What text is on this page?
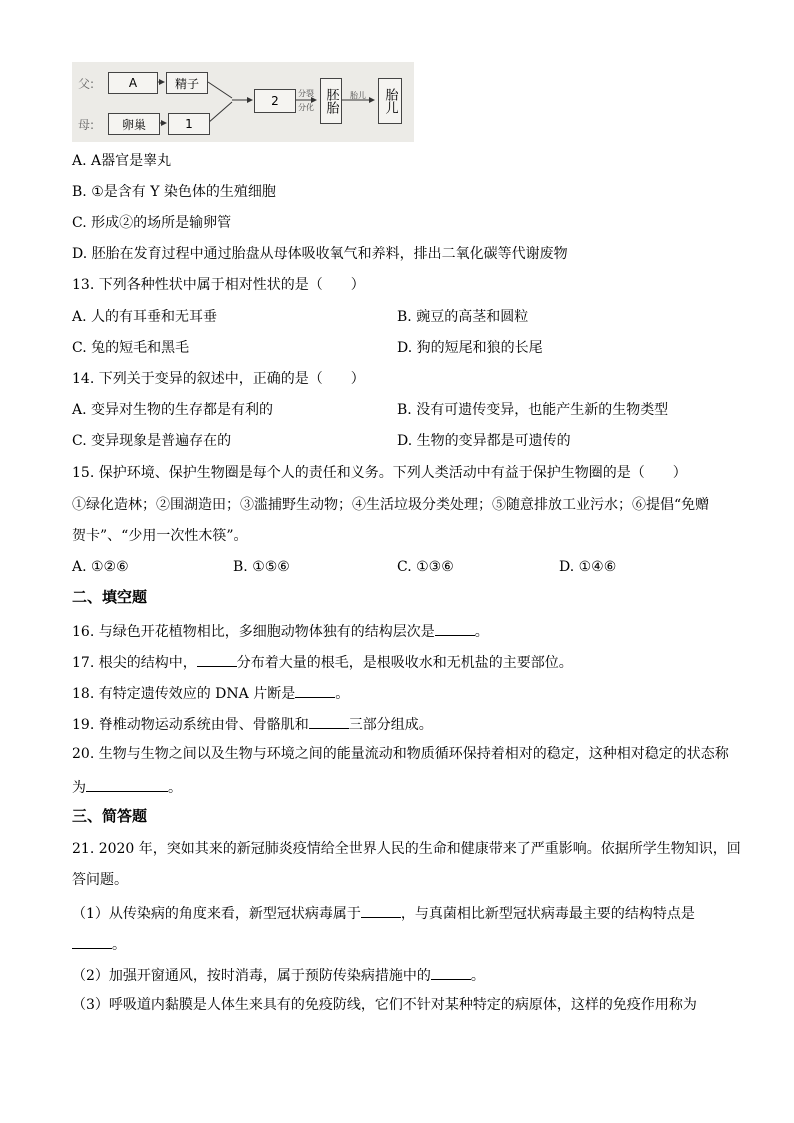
父:
母:
A	精子
卵巢	1
2
分裂
分化 胚胎	胎儿	胎儿
A. A器官是睾丸
B. ①是含有 Y 染色体的生殖细胞
C. 形成②的场所是输卵管
D. 胚胎在发育过程中通过胎盘从母体吸收氧气和养料，排出二氧化碳等代谢废物
13. 下列各种性状中属于相对性状的是（　　）
A. 人的有耳垂和无耳垂	B. 豌豆的高茎和圆粒
C. 兔的短毛和黑毛	D. 狗的短尾和狼的长尾
14. 下列关于变异的叙述中，正确的是（　　）
A. 变异对生物的生存都是有利的	B. 没有可遗传变异，也能产生新的生物类型
C. 变异现象是普遍存在的	D. 生物的变异都是可遗传的
15. 保护环境、保护生物圈是每个人的责任和义务。下列人类活动中有益于保护生物圈的是（　　）
①绿化造林；②围湖造田；③滥捕野生动物；④生活垃圾分类处理；⑤随意排放工业污水；⑥提倡“免赠
贺卡”、“少用一次性木筷”。
A. ①②⑥	B. ①⑤⑥	C. ①③⑥	D. ①④⑥
二、填空题
16. 与绿色开花植物相比，多细胞动物体独有的结构层次是	。
17. 根尖的结构中，	分布着大量的根毛，是根吸收水和无机盐的主要部位。
18. 有特定遗传效应的 DNA 片断是	。
19. 脊椎动物运动系统由骨、骨骼肌和	三部分组成。
20. 生物与生物之间以及生物与环境之间的能量流动和物质循环保持着相对的稳定，这种相对稳定的状态称
为	。
三、简答题
21. 2020 年，突如其来的新冠肺炎疫情给全世界人民的生命和健康带来了严重影响。依据所学生物知识，回
答问题。
（1）从传染病的角度来看，新型冠状病毒属于	，与真菌相比新型冠状病毒最主要的结构特点是
。
（2）加强开窗通风，按时消毒，属于预防传染病措施中的	。
（3）呼吸道内黏膜是人体生来具有的免疫防线，它们不针对某种特定的病原体，这样的免疫作用称为
